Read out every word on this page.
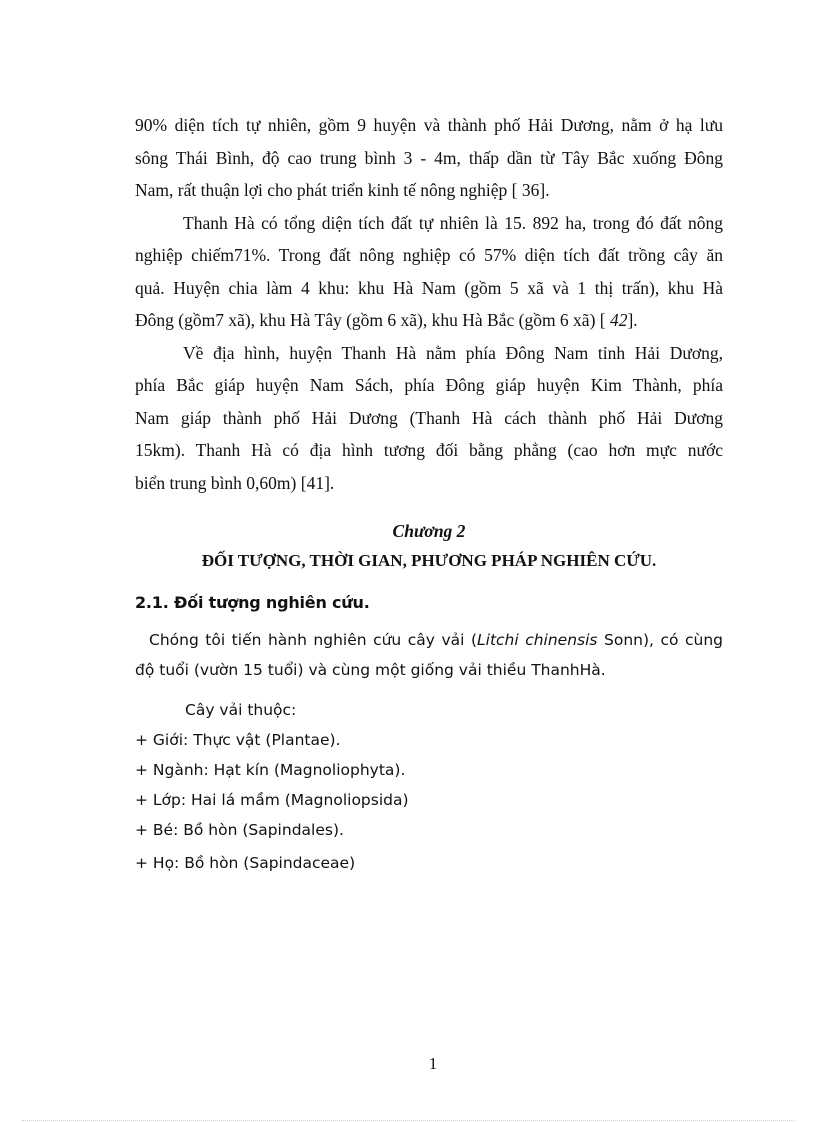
90% diện tích tự nhiên, gồm 9 huyện và thành phố Hải Dương, nằm ở hạ lưu

sông Thái Bình, độ cao trung bình 3 - 4m, thấp dần từ Tây Bắc xuống Đông

Nam, rất thuận lợi cho phát triển kinh tế nông nghiệp [ 36].

Thanh Hà có tổng diện tích đất tự nhiên là 15. 892 ha, trong đó đất nông

nghiệp chiếm71%. Trong đất nông nghiệp có 57% diện tích đất trồng cây ăn

quả. Huyện chia làm 4 khu: khu Hà Nam (gồm 5 xã và 1 thị trấn), khu Hà

Đông (gồm7 xã), khu Hà Tây (gồm 6 xã), khu Hà Bắc (gồm 6 xã) [ 42].

Về địa hình, huyện Thanh Hà nằm phía Đông Nam tỉnh Hải Dương,

phía Bắc giáp huyện Nam Sách, phía Đông giáp huyện Kim Thành, phía

Nam giáp thành phố Hải Dương (Thanh Hà cách thành phố Hải Dương

15km). Thanh Hà có địa hình tương đối bằng phẳng (cao hơn mực nước

biển trung bình 0,60m) [41].

Chương 2
ĐỐI TƯỢNG, THỜI GIAN, PHƯƠNG PHÁP NGHIÊN CỨU.
2.1. Đối tượng nghiên cứu.

Chóng tôi tiến hành nghiên cứu cây vải (Litchi chinensis Sonn), có cùng

độ tuổi (vườn 15 tuổi) và cùng một giống vải thiều ThanhHà.

Cây vải thuộc:

+ Giới: Thực vật (Plantae).

+ Ngành: Hạt kín (Magnoliophyta).

+ Lớp: Hai lá mầm (Magnoliopsida)

+ Bé: Bồ hòn (Sapindales).

+ Họ: Bồ hòn (Sapindaceae)

1
